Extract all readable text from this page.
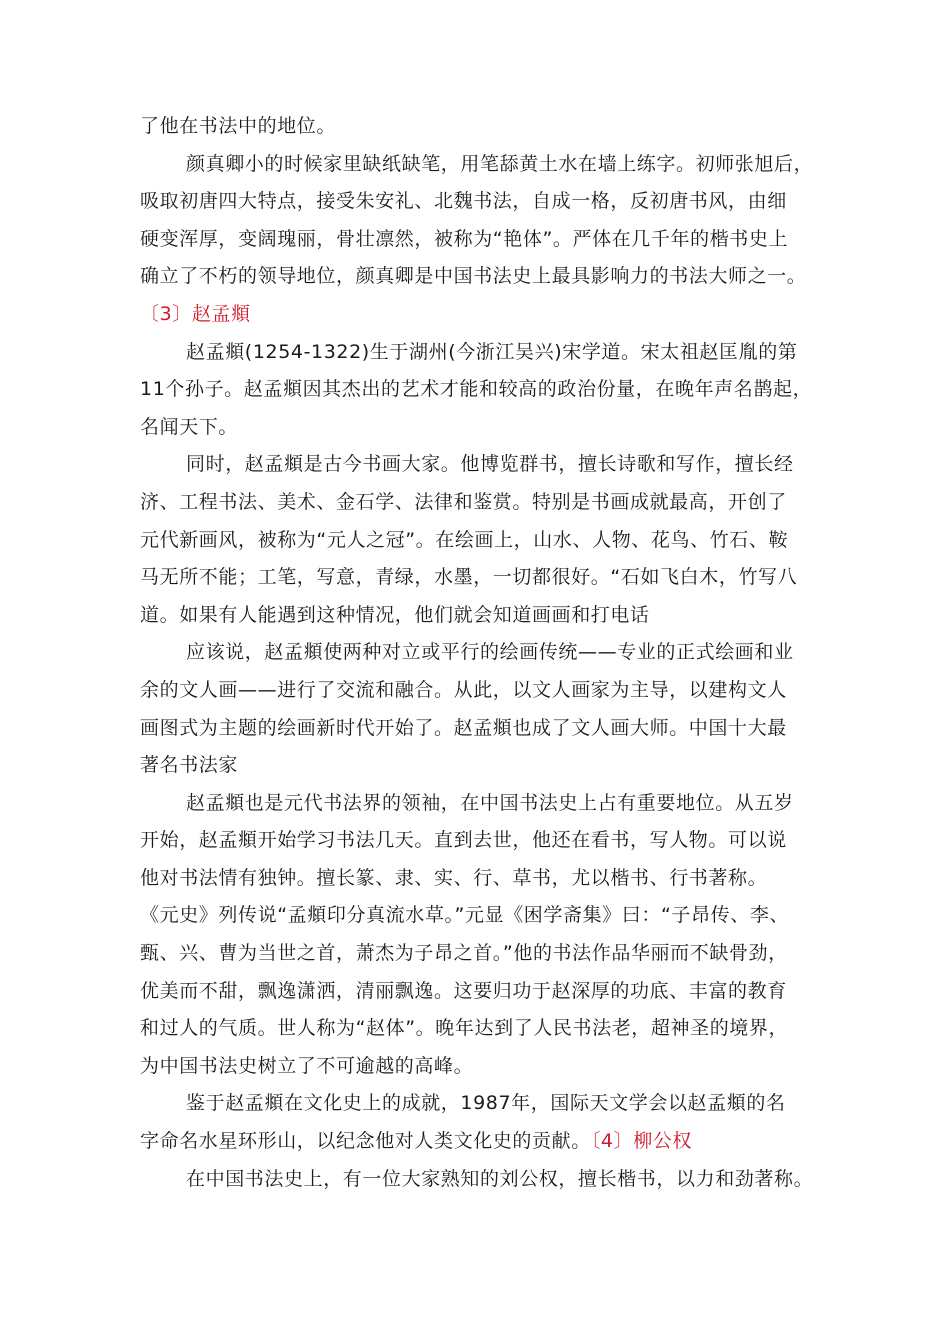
了他在书法中的地位。
颜真卿小的时候家里缺纸缺笔，用笔舔黄土水在墙上练字。初师张旭后，
吸取初唐四大特点，接受朱安礼、北魏书法，自成一格，反初唐书风，由细
硬变浑厚，变阔瑰丽，骨壮凛然，被称为“艳体”。严体在几千年的楷书史上
确立了不朽的领导地位，颜真卿是中国书法史上最具影响力的书法大师之一。
〔3〕赵孟頫
赵孟頫(1254-1322)生于湖州(今浙江吴兴)宋学道。宋太祖赵匡胤的第
11个孙子。赵孟頫因其杰出的艺术才能和较高的政治份量，在晚年声名鹊起，
名闻天下。
同时，赵孟頫是古今书画大家。他博览群书，擅长诗歌和写作，擅长经
济、工程书法、美术、金石学、法律和鉴赏。特别是书画成就最高，开创了
元代新画风，被称为“元人之冠”。在绘画上，山水、人物、花鸟、竹石、鞍
马无所不能；工笔，写意，青绿，水墨，一切都很好。“石如飞白木，竹写八
道。如果有人能遇到这种情况，他们就会知道画画和打电话
应该说，赵孟頫使两种对立或平行的绘画传统——专业的正式绘画和业
余的文人画——进行了交流和融合。从此，以文人画家为主导，以建构文人
画图式为主题的绘画新时代开始了。赵孟頫也成了文人画大师。中国十大最
著名书法家
赵孟頫也是元代书法界的领袖，在中国书法史上占有重要地位。从五岁
开始，赵孟頫开始学习书法几天。直到去世，他还在看书，写人物。可以说
他对书法情有独钟。擅长篆、隶、实、行、草书，尤以楷书、行书著称。
《元史》列传说“孟頫印分真流水草。”元显《困学斋集》曰：“子昂传、李、
甄、兴、曹为当世之首，萧杰为子昂之首。”他的书法作品华丽而不缺骨劲，
优美而不甜，飘逸潇洒，清丽飘逸。这要归功于赵深厚的功底、丰富的教育
和过人的气质。世人称为“赵体”。晚年达到了人民书法老，超神圣的境界，
为中国书法史树立了不可逾越的高峰。
鉴于赵孟頫在文化史上的成就，1987年，国际天文学会以赵孟頫的名
字命名水星环形山，以纪念他对人类文化史的贡献。〔4〕柳公权
在中国书法史上，有一位大家熟知的刘公权，擅长楷书，以力和劲著称。
